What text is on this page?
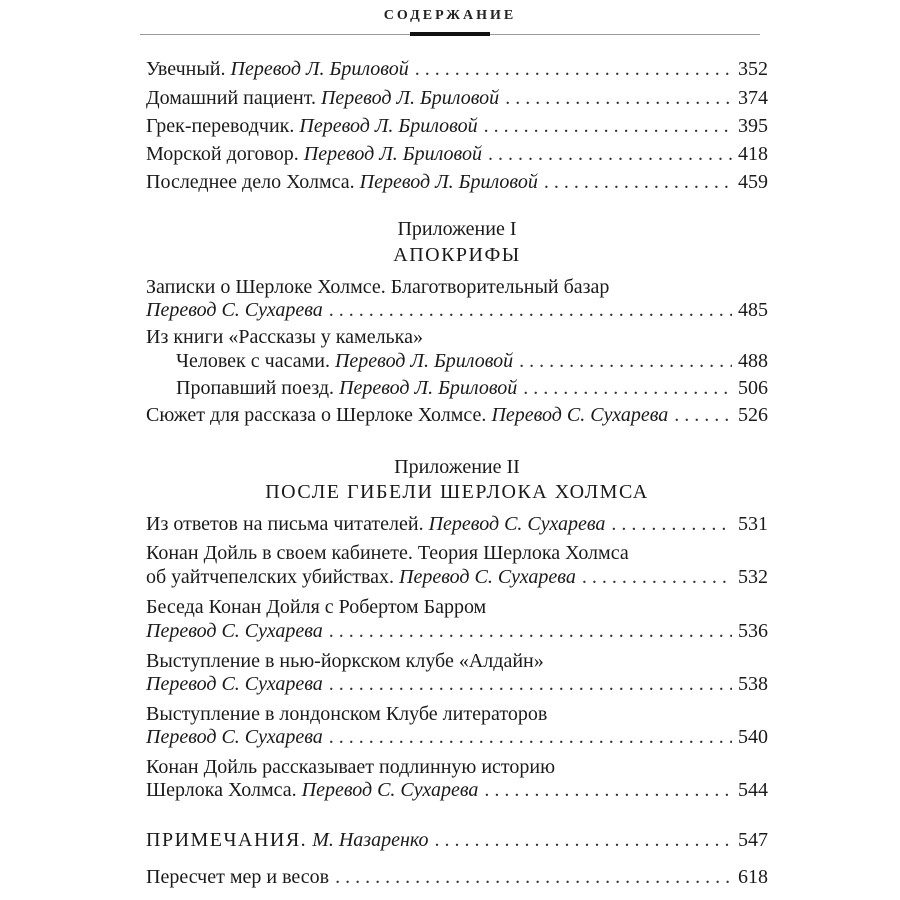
СОДЕРЖАНИЕ
Увечный. Перевод Л. Бриловой . . .	352
Домашний пациент. Перевод Л. Бриловой . . .	374
Грек-переводчик. Перевод Л. Бриловой . . .	395
Морской договор. Перевод Л. Бриловой . . .	418
Последнее дело Холмса. Перевод Л. Бриловой . . .	459
Приложение I
АПОКРИФЫ
Записки о Шерлоке Холмсе. Благотворительный базар
Перевод С. Сухарева . . .	485
Из книги «Рассказы у камелька»
Человек с часами. Перевод Л. Бриловой . . .	488
Пропавший поезд. Перевод Л. Бриловой . . .	506
Сюжет для рассказа о Шерлоке Холмсе. Перевод С. Сухарева . . .	526
Приложение II
ПОСЛЕ ГИБЕЛИ ШЕРЛОКА ХОЛМСА
Из ответов на письма читателей. Перевод С. Сухарева . . .	531
Конан Дойль в своем кабинете. Теория Шерлока Холмса
об уайтчепелских убийствах. Перевод С. Сухарева . . .	532
Беседа Конан Дойля с Робертом Барром
Перевод С. Сухарева . . .	536
Выступление в нью-йоркском клубе «Алдайн»
Перевод С. Сухарева . . .	538
Выступление в лондонском Клубе литераторов
Перевод С. Сухарева . . .	540
Конан Дойль рассказывает подлинную историю
Шерлока Холмса. Перевод С. Сухарева . . .	544
ПРИМЕЧАНИЯ. М. Назаренко . . .	547
Пересчет мер и весов . . .	618
